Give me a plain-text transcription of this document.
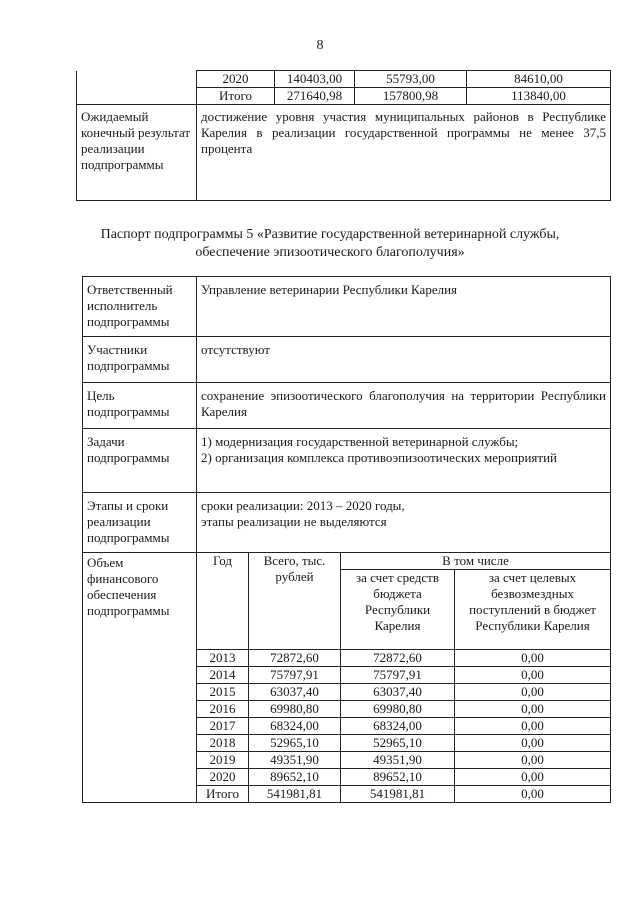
8
	2020	140403,00	55793,00	84610,00
	Итого	271640,98	157800,98	113840,00
Ожидаемый конечный результат реализации подпрограммы	достижение уровня участия муниципальных районов в Республике Карелия в реализации государственной программы не менее 37,5 процента			
Паспорт подпрограммы 5 «Развитие государственной ветеринарной службы,
обеспечение эпизоотического благополучия»
Ответственный исполнитель подпрограммы	Управление ветеринарии Республики Карелия			
Участники подпрограммы	отсутствуют			
Цель подпрограммы	сохранение эпизоотического благополучия на территории Республики Карелия			
Задачи подпрограммы	1) модернизация государственной ветеринарной службы;
2) организация комплекса противоэпизоотических мероприятий			

Этапы и сроки реализации подпрограммы	сроки реализации: 2013 – 2020 годы,
этапы реализации не выделяются			

Объем финансового обеспечения подпрограммы	Год	Всего, тыс. рублей	В том числе	
			за счет средств бюджета Республики Карелия	за счет целевых безвозмездных поступлений в бюджет Республики Карелия
	2013	72872,60	72872,60	0,00
	2014	75797,91	75797,91	0,00
	2015	63037,40	63037,40	0,00
	2016	69980,80	69980,80	0,00
	2017	68324,00	68324,00	0,00
	2018	52965,10	52965,10	0,00
	2019	49351,90	49351,90	0,00
	2020	89652,10	89652,10	0,00
	Итого	541981,81	541981,81	0,00
